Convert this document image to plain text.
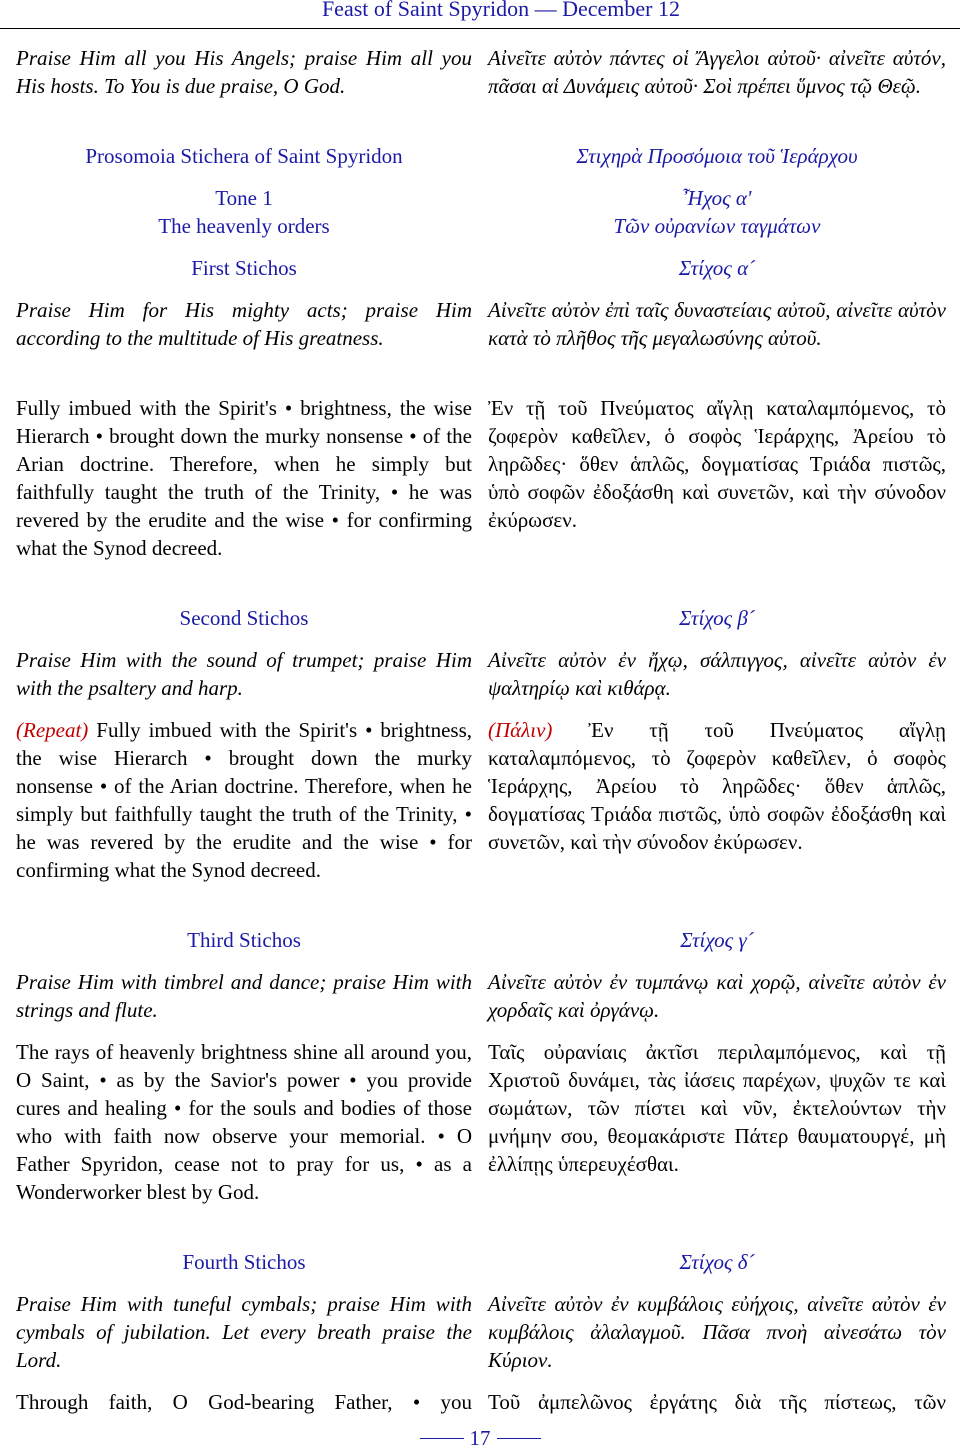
Feast of Saint Spyridon — December 12

Praise Him all you His Angels; praise Him all you His hosts. To You is due praise, O God.

Prosomoia Stichera of Saint Spyridon

Tone 1

The heavenly orders

First Stichos

Praise Him for His mighty acts; praise Him according to the multitude of His greatness.

Fully imbued with the Spirit's • brightness, the wise Hierarch • brought down the murky nonsense • of the Arian doctrine. Therefore, when he simply but faithfully taught the truth of the Trinity, • he was revered by the erudite and the wise • for confirming what the Synod decreed.

Second Stichos

Praise Him with the sound of trumpet; praise Him with the psaltery and harp.

(Repeat) Fully imbued with the Spirit's • brightness, the wise Hierarch • brought down the murky nonsense • of the Arian doctrine. Therefore, when he simply but faithfully taught the truth of the Trinity, • he was revered by the erudite and the wise • for confirming what the Synod decreed.

Third Stichos

Praise Him with timbrel and dance; praise Him with strings and flute.

The rays of heavenly brightness shine all around you, O Saint, • as by the Savior's power • you provide cures and healing • for the souls and bodies of those who with faith now observe your memorial. • O Father Spyridon, cease not to pray for us, • as a Wonderworker blest by God.

Fourth Stichos

Praise Him with tuneful cymbals; praise Him with cymbals of jubilation. Let every breath praise the Lord.

Through faith, O God-bearing Father, • you

Αἰνεῖτε αὐτὸν πάντες οἱ Ἄγγελοι αὐτοῦ· αἰνεῖτε αὐτόν, πᾶσαι αἱ Δυνάμεις αὐτοῦ· Σοὶ πρέπει ὕμνος τῷ Θεῷ.

Στιχηρὰ Προσόμοια τοῦ Ἱεράρχου

Ἦχος α'

Τῶν οὐρανίων ταγμάτων

Στίχος α´

Αἰνεῖτε αὐτὸν ἐπὶ ταῖς δυναστείαις αὐτοῦ, αἰνεῖτε αὐτὸν κατὰ τὸ πλῆθος τῆς μεγαλωσύνης αὐτοῦ.

Ἐν τῇ τοῦ Πνεύματος αἴγλῃ καταλαμπόμενος, τὸ ζοφερὸν καθεῖλεν, ὁ σοφὸς Ἱεράρχης, Ἀρείου τὸ ληρῶδες· ὅθεν ἁπλῶς, δογματίσας Τριάδα πιστῶς, ὑπὸ σοφῶν ἐδοξάσθη καὶ συνετῶν, καὶ τὴν σύνοδον ἐκύρωσεν.

Στίχος β´

Αἰνεῖτε αὐτὸν ἐν ἤχῳ, σάλπιγγος, αἰνεῖτε αὐτὸν ἐν ψαλτηρίῳ καὶ κιθάρᾳ.

(Πάλιν) Ἐν τῇ τοῦ Πνεύματος αἴγλῃ καταλαμπόμενος, τὸ ζοφερὸν καθεῖλεν, ὁ σοφὸς Ἱεράρχης, Ἀρείου τὸ ληρῶδες· ὅθεν ἁπλῶς, δογματίσας Τριάδα πιστῶς, ὑπὸ σοφῶν ἐδοξάσθη καὶ συνετῶν, καὶ τὴν σύνοδον ἐκύρωσεν.

Στίχος γ´

Αἰνεῖτε αὐτὸν ἐν τυμπάνῳ καὶ χορῷ, αἰνεῖτε αὐτὸν ἐν χορδαῖς καὶ ὀργάνῳ.

Ταῖς οὐρανίαις ἀκτῖσι περιλαμπόμενος, καὶ τῇ Χριστοῦ δυνάμει, τὰς ἰάσεις παρέχων, ψυχῶν τε καὶ σωμάτων, τῶν πίστει καὶ νῦν, ἐκτελούντων τὴν μνήμην σου, θεομακάριστε Πάτερ θαυματουργέ, μὴ ἐλλίπῃς ὑπερευχέσθαι.

Στίχος δ´

Αἰνεῖτε αὐτὸν ἐν κυμβάλοις εὐήχοις, αἰνεῖτε αὐτὸν ἐν κυμβάλοις ἀλαλαγμοῦ. Πᾶσα πνοὴ αἰνεσάτω τὸν Κύριον.

Τοῦ ἀμπελῶνος ἐργάτης διὰ τῆς πίστεως, τῶν

17
